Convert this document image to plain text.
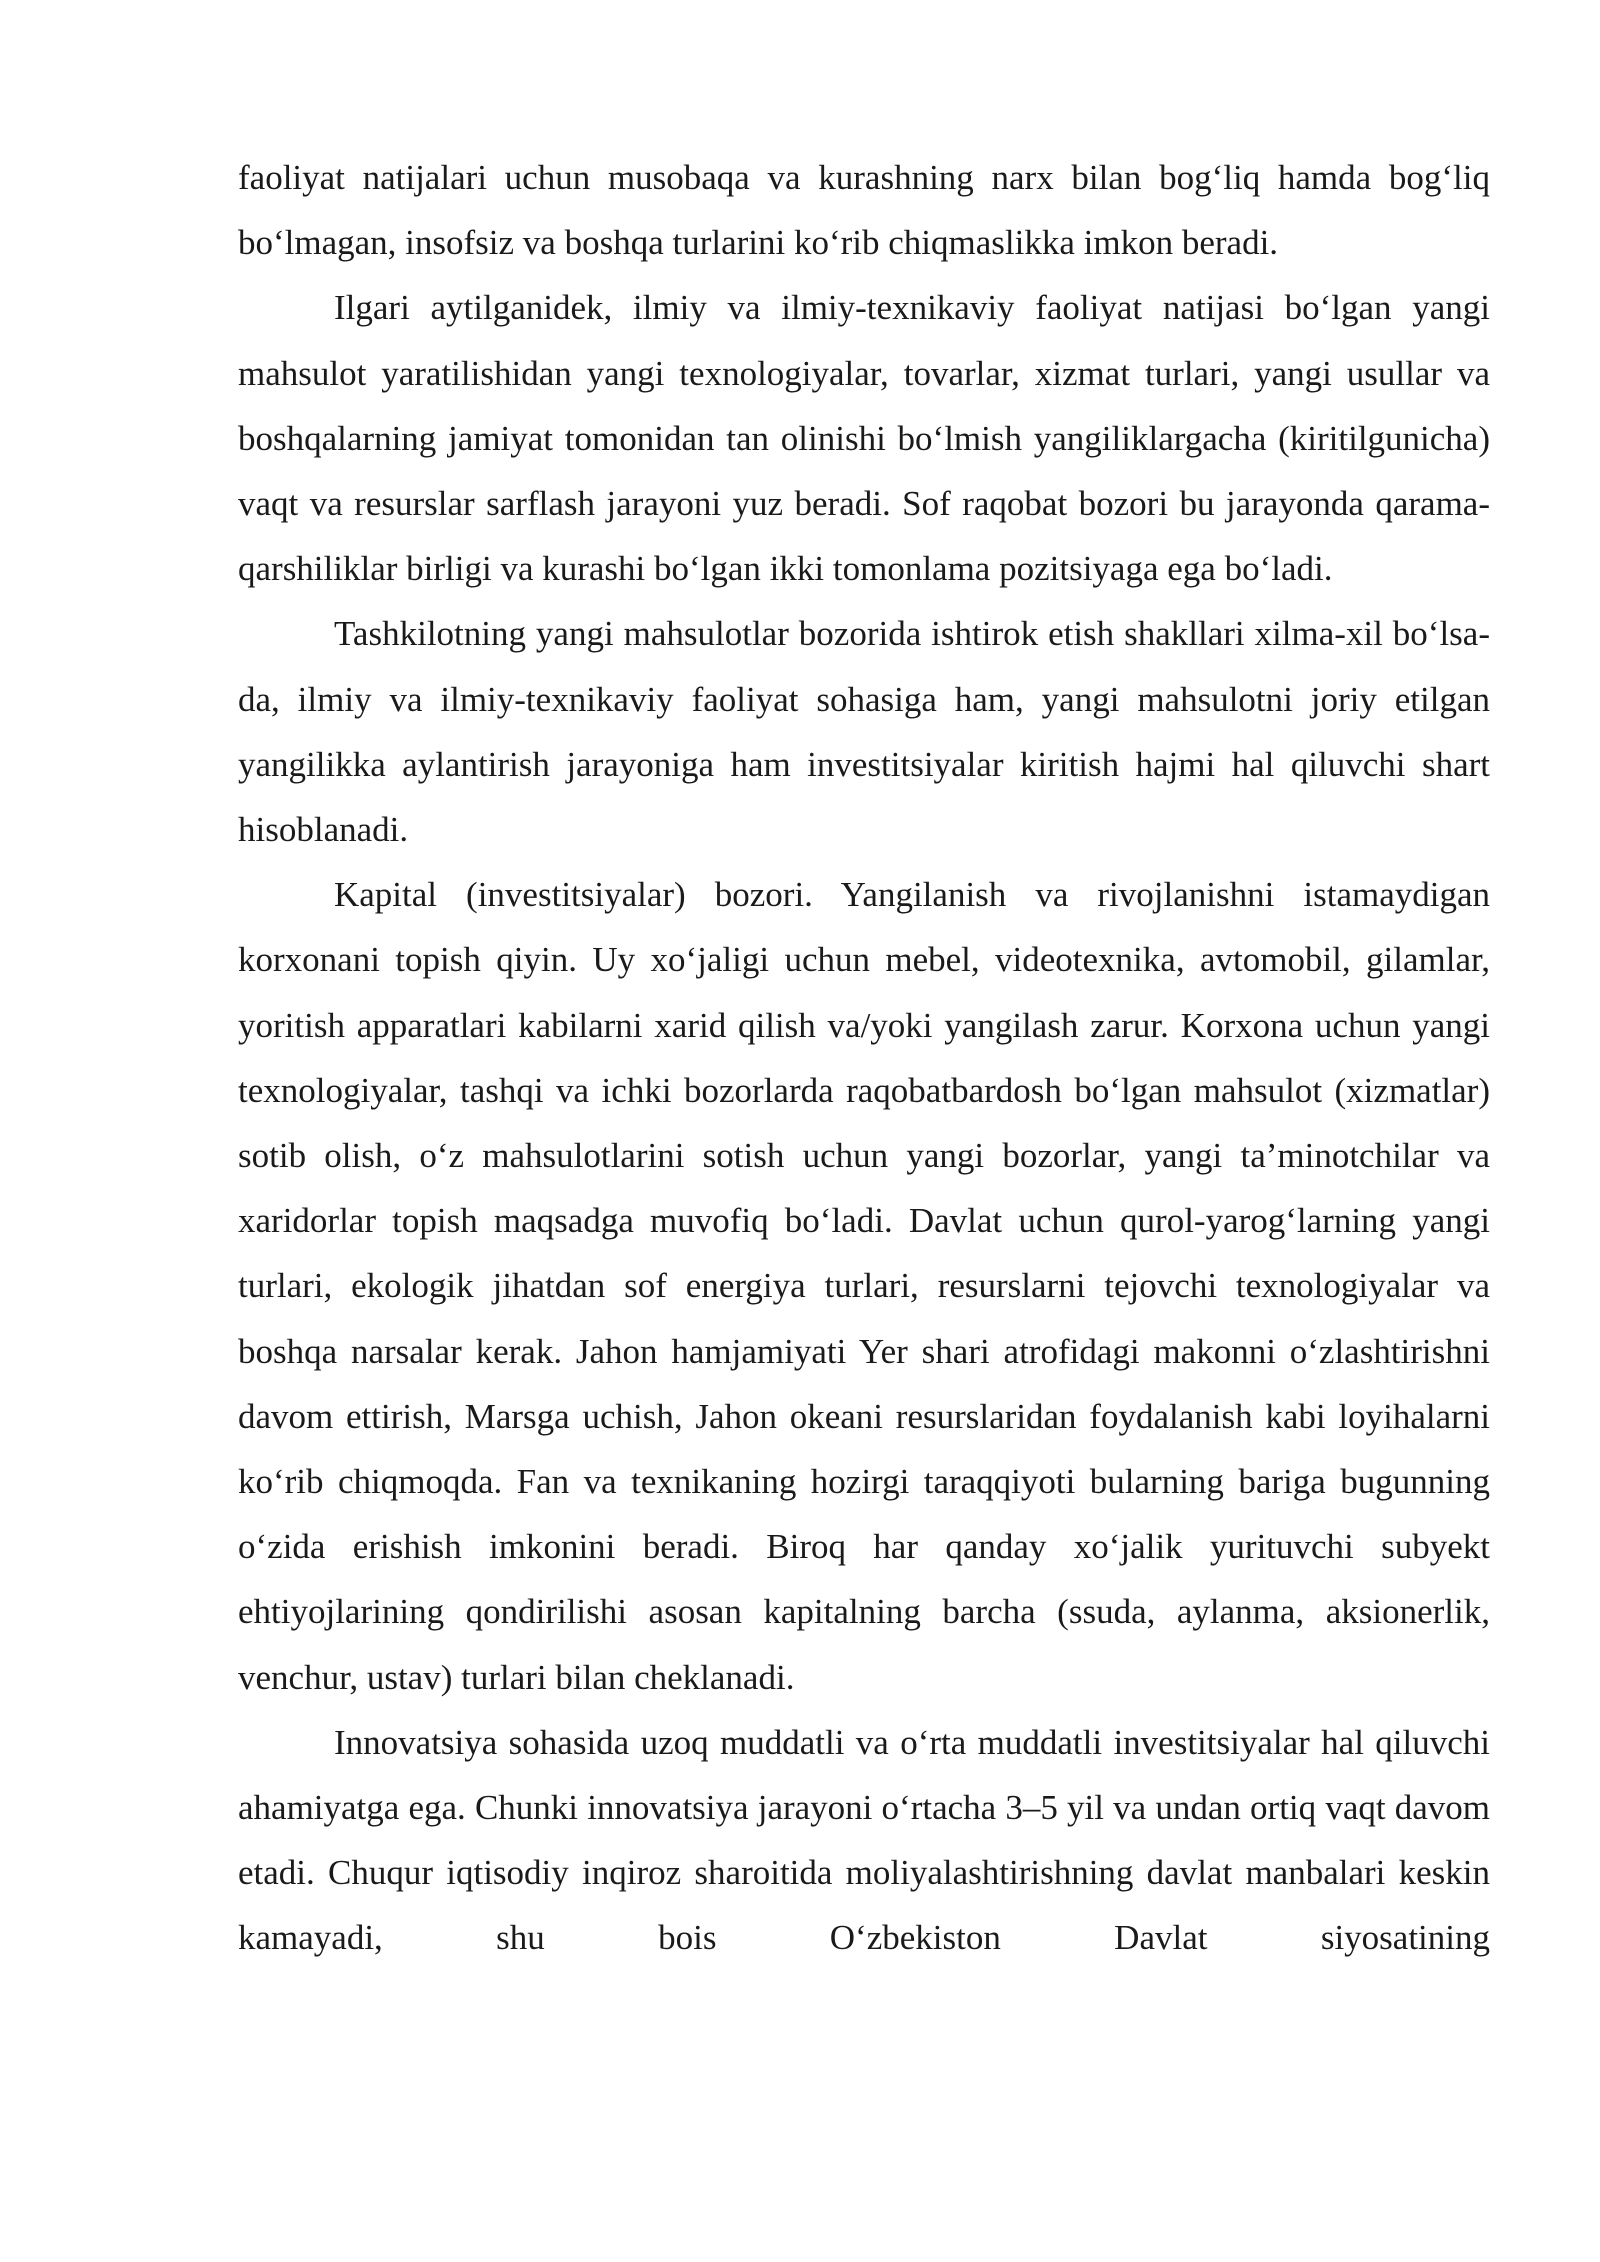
faoliyat natijalari uchun musobaqa va kurashning narx bilan bog‘liq hamda bog‘liq bo‘lmagan, insofsiz va boshqa turlarini ko‘rib chiqmaslikka imkon beradi.

Ilgari aytilganidek, ilmiy va ilmiy-texnikaviy faoliyat natijasi bo‘lgan yangi mahsulot yaratilishidan yangi texnologiyalar, tovarlar, xizmat turlari, yangi usullar va boshqalarning jamiyat tomonidan tan olinishi bo‘lmish yangiliklargacha (kiritilgunicha) vaqt va resurslar sarflash jarayoni yuz beradi. Sof raqobat bozori bu jarayonda qarama-qarshiliklar birligi va kurashi bo‘lgan ikki tomonlama pozitsiyaga ega bo‘ladi.

Tashkilotning yangi mahsulotlar bozorida ishtirok etish shakllari xilma-xil bo‘lsa-da, ilmiy va ilmiy-texnikaviy faoliyat sohasiga ham, yangi mahsulotni joriy etilgan yangilikka aylantirish jarayoniga ham investitsiyalar kiritish hajmi hal qiluvchi shart hisoblanadi.

Kapital (investitsiyalar) bozori. Yangilanish va rivojlanishni istamaydigan korxonani topish qiyin. Uy xo‘jaligi uchun mebel, videotexnika, avtomobil, gilamlar, yoritish apparatlari kabilarni xarid qilish va/yoki yangilash zarur. Korxona uchun yangi texnologiyalar, tashqi va ichki bozorlarda raqobatbardosh bo‘lgan mahsulot (xizmatlar) sotib olish, o‘z mahsulotlarini sotish uchun yangi bozorlar, yangi ta’minotchilar va xaridorlar topish maqsadga muvofiq bo‘ladi. Davlat uchun qurol-yarog‘larning yangi turlari, ekologik jihatdan sof energiya turlari, resurslarni tejovchi texnologiyalar va boshqa narsalar kerak. Jahon hamjamiyati Yer shari atrofidagi makonni o‘zlashtirishni davom ettirish, Marsga uchish, Jahon okeani resurslaridan foydalanish kabi loyihalarni ko‘rib chiqmoqda. Fan va texnikaning hozirgi taraqqiyoti bularning bariga bugunning o‘zida erishish imkonini beradi. Biroq har qanday xo‘jalik yurituvchi subyekt ehtiyojlarining qondirilishi asosan kapitalning barcha (ssuda, aylanma, aksionerlik, venchur, ustav) turlari bilan cheklanadi.

Innovatsiya sohasida uzoq muddatli va o‘rta muddatli investitsiyalar hal qiluvchi ahamiyatga ega. Chunki innovatsiya jarayoni o‘rtacha 3–5 yil va undan ortiq vaqt davom etadi. Chuqur iqtisodiy inqiroz sharoitida moliyalashtirishning davlat manbalari keskin kamayadi, shu bois O‘zbekiston Davlat siyosatining
